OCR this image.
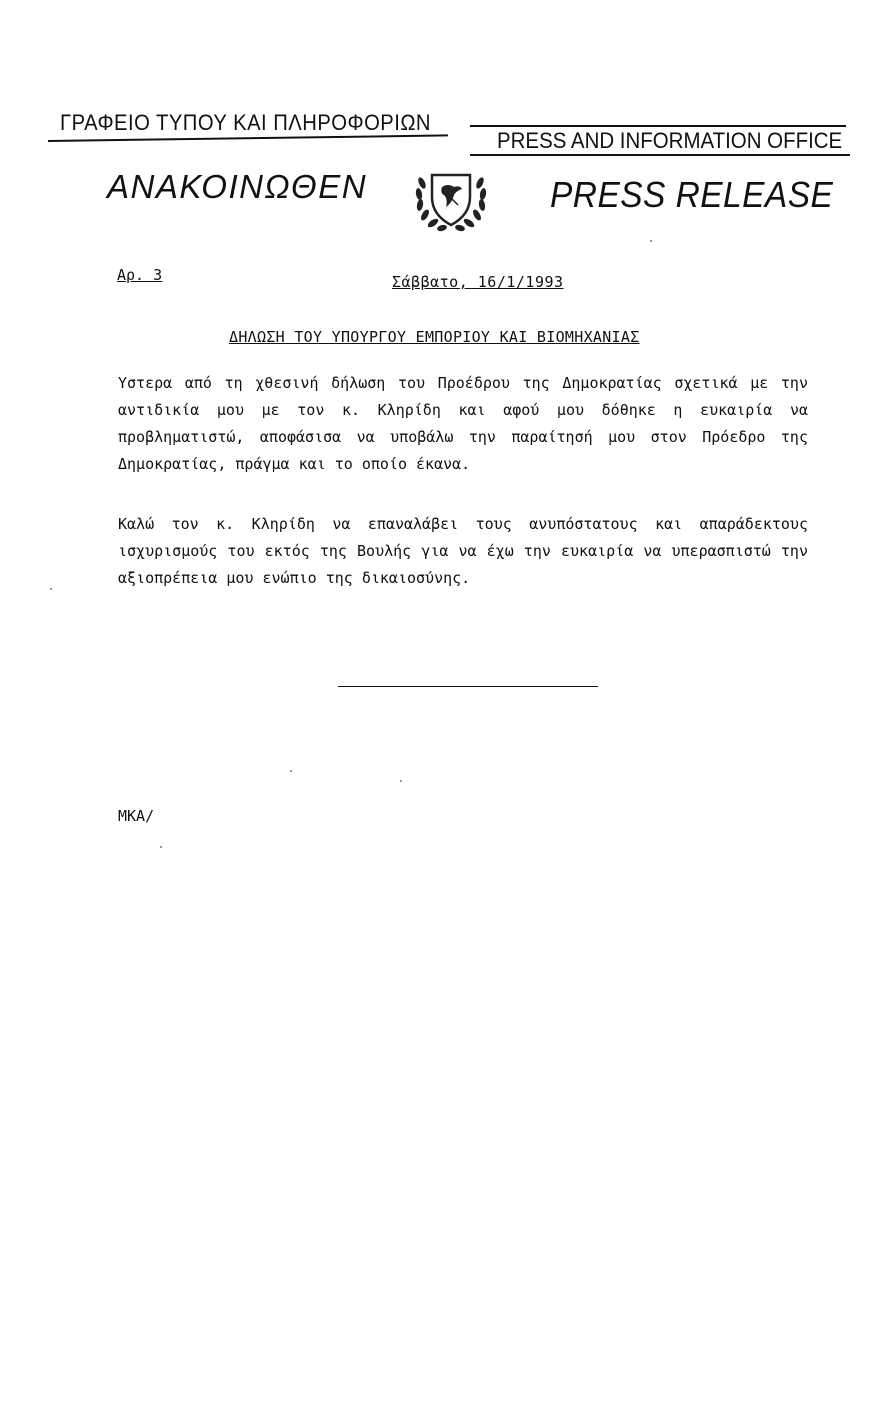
ΓΡΑΦΕΙΟ ΤΥΠΟΥ ΚΑΙ ΠΛΗΡΟΦΟΡΙΩΝ
PRESS AND INFORMATION OFFICE
ΑΝΑΚΟΙΝΩΘΕΝ	PRESS RELEASE
Αρ. 3	Σάββατο, 16/1/1993
ΔΗΛΩΣΗ ΤΟΥ ΥΠΟΥΡΓΟΥ ΕΜΠΟΡΙΟΥ ΚΑΙ ΒΙΟΜΗΧΑΝΙΑΣ
Υστερα από τη χθεσινή δήλωση του Προέδρου της Δημοκρατίας σχετικά με την αντιδικία μου με τον κ. Κληρίδη και αφού μου δόθηκε η ευκαιρία να προβληματιστώ, αποφάσισα να υποβάλω την παραίτησή μου στον Πρόεδρο της Δημοκρατίας, πράγμα και το οποίο έκανα.
Καλώ τον κ. Κληρίδη να επαναλάβει τους ανυπόστατους και απαράδεκτους ισχυρισμούς του εκτός της Βουλής για να έχω την ευκαιρία να υπερασπιστώ την αξιοπρέπεια μου ενώπιο της δικαιοσύνης.
ΜΚΑ/
